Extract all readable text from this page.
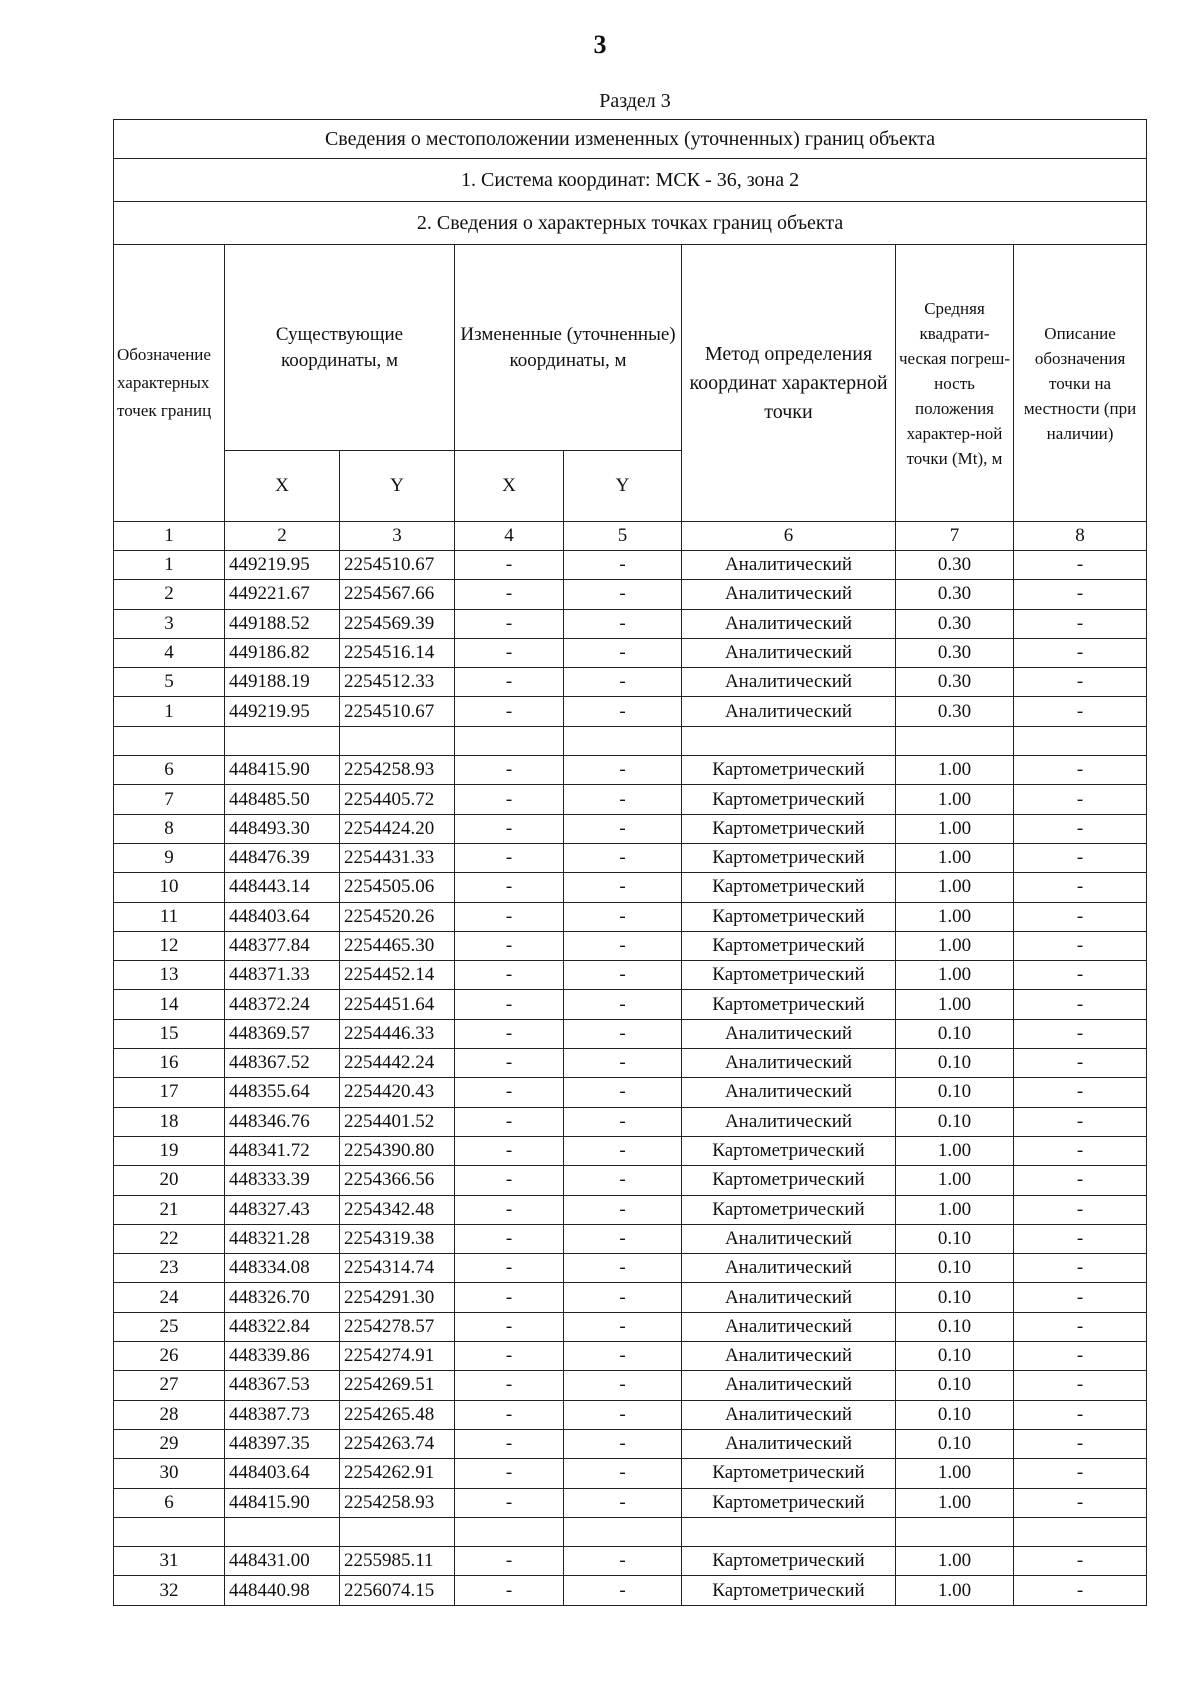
3
Раздел 3
Сведения о местоположении измененных (уточненных) границ объекта							
1. Система координат: МСК - 36, зона 2							
2. Сведения о характерных точках границ объекта							
Обозначение характерных точек границ	Существующие координаты, м		Измененные (уточненные) координаты, м		Метод определения координат характерной точки	Средняя квадрати-ческая погреш-ность положения характер-ной точки (Mt), м	Описание обозначения точки на местности (при наличии)
	X	Y	X	Y			
1	2	3	4	5	6	7	8
1	449219.95	2254510.67	-	-	Аналитический	0.30	-
2	449221.67	2254567.66	-	-	Аналитический	0.30	-
3	449188.52	2254569.39	-	-	Аналитический	0.30	-
4	449186.82	2254516.14	-	-	Аналитический	0.30	-
5	449188.19	2254512.33	-	-	Аналитический	0.30	-
1	449219.95	2254510.67	-	-	Аналитический	0.30	-

6	448415.90	2254258.93	-	-	Картометрический	1.00	-
7	448485.50	2254405.72	-	-	Картометрический	1.00	-
8	448493.30	2254424.20	-	-	Картометрический	1.00	-
9	448476.39	2254431.33	-	-	Картометрический	1.00	-
10	448443.14	2254505.06	-	-	Картометрический	1.00	-
11	448403.64	2254520.26	-	-	Картометрический	1.00	-
12	448377.84	2254465.30	-	-	Картометрический	1.00	-
13	448371.33	2254452.14	-	-	Картометрический	1.00	-
14	448372.24	2254451.64	-	-	Картометрический	1.00	-
15	448369.57	2254446.33	-	-	Аналитический	0.10	-
16	448367.52	2254442.24	-	-	Аналитический	0.10	-
17	448355.64	2254420.43	-	-	Аналитический	0.10	-
18	448346.76	2254401.52	-	-	Аналитический	0.10	-
19	448341.72	2254390.80	-	-	Картометрический	1.00	-
20	448333.39	2254366.56	-	-	Картометрический	1.00	-
21	448327.43	2254342.48	-	-	Картометрический	1.00	-
22	448321.28	2254319.38	-	-	Аналитический	0.10	-
23	448334.08	2254314.74	-	-	Аналитический	0.10	-
24	448326.70	2254291.30	-	-	Аналитический	0.10	-
25	448322.84	2254278.57	-	-	Аналитический	0.10	-
26	448339.86	2254274.91	-	-	Аналитический	0.10	-
27	448367.53	2254269.51	-	-	Аналитический	0.10	-
28	448387.73	2254265.48	-	-	Аналитический	0.10	-
29	448397.35	2254263.74	-	-	Аналитический	0.10	-
30	448403.64	2254262.91	-	-	Картометрический	1.00	-
6	448415.90	2254258.93	-	-	Картометрический	1.00	-

31	448431.00	2255985.11	-	-	Картометрический	1.00	-
32	448440.98	2256074.15	-	-	Картометрический	1.00	-
